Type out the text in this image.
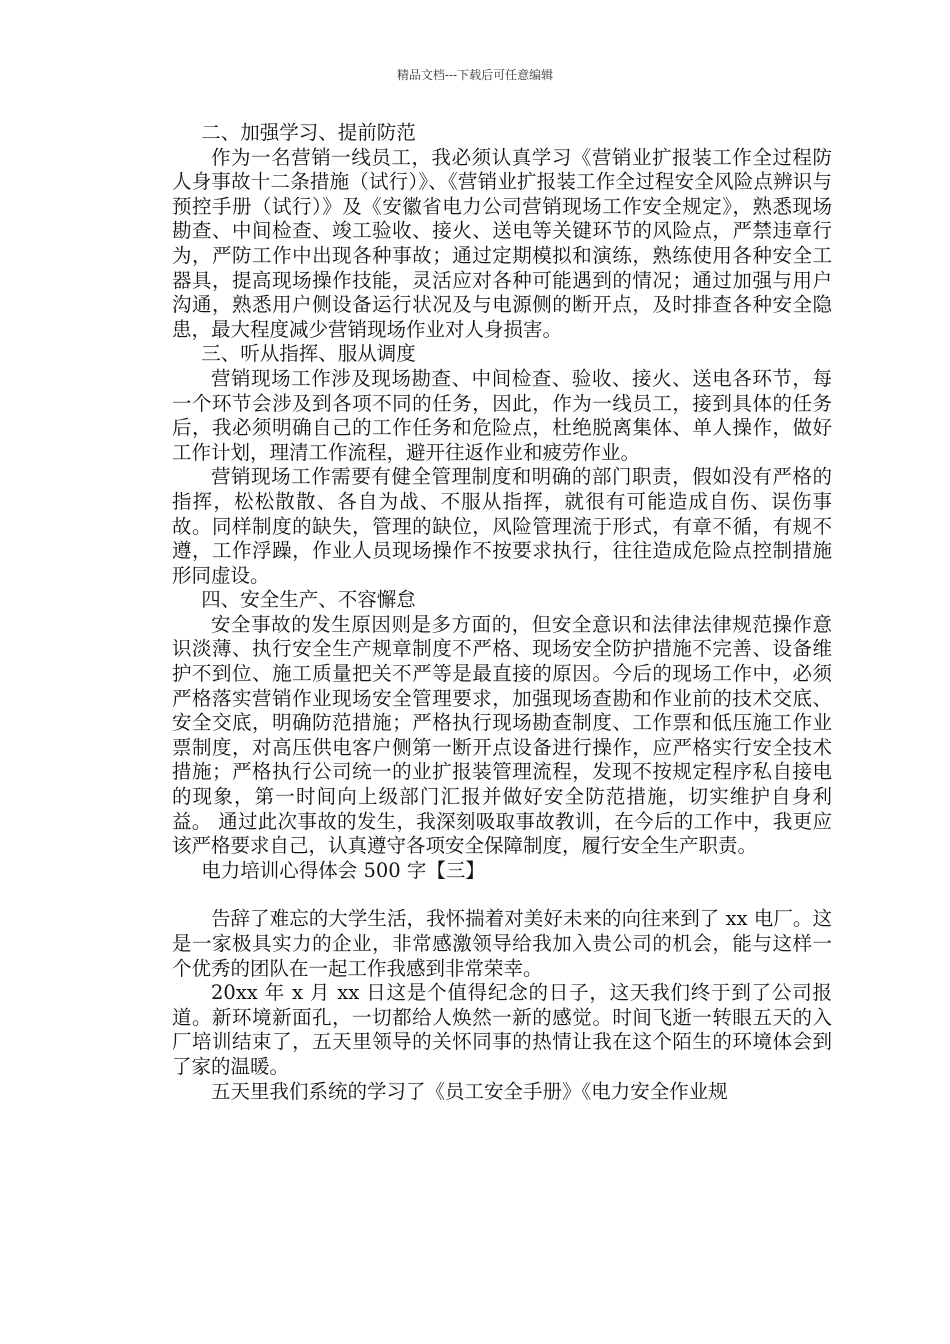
精品文档---下载后可任意编辑

二、加强学习、提前防范

作为一名营销一线员工，我必须认真学习《营销业扩报装工作全过程防人身事故十二条措施（试行）》、《营销业扩报装工作全过程安全风险点辨识与预控手册（试行）》及《安徽省电力公司营销现场工作安全规定》，熟悉现场勘查、中间检查、竣工验收、接火、送电等关键环节的风险点，严禁违章行为，严防工作中出现各种事故；通过定期模拟和演练，熟练使用各种安全工器具，提高现场操作技能，灵活应对各种可能遇到的情况；通过加强与用户沟通，熟悉用户侧设备运行状况及与电源侧的断开点，及时排查各种安全隐患，最大程度减少营销现场作业对人身损害。

三、听从指挥、服从调度

营销现场工作涉及现场勘查、中间检查、验收、接火、送电各环节，每一个环节会涉及到各项不同的任务，因此，作为一线员工，接到具体的任务后，我必须明确自己的工作任务和危险点，杜绝脱离集体、单人操作，做好工作计划，理清工作流程，避开往返作业和疲劳作业。

营销现场工作需要有健全管理制度和明确的部门职责，假如没有严格的指挥，松松散散、各自为战、不服从指挥，就很有可能造成自伤、误伤事故。同样制度的缺失，管理的缺位，风险管理流于形式，有章不循，有规不遵，工作浮躁，作业人员现场操作不按要求执行，往往造成危险点控制措施形同虚设。

四、安全生产、不容懈怠

安全事故的发生原因则是多方面的，但安全意识和法律法律规范操作意识淡薄、执行安全生产规章制度不严格、现场安全防护措施不完善、设备维护不到位、施工质量把关不严等是最直接的原因。今后的现场工作中，必须严格落实营销作业现场安全管理要求，加强现场查勘和作业前的技术交底、安全交底，明确防范措施；严格执行现场勘查制度、工作票和低压施工作业票制度，对高压供电客户侧第一断开点设备进行操作，应严格实行安全技术措施；严格执行公司统一的业扩报装管理流程，发现不按规定程序私自接电的现象，第一时间向上级部门汇报并做好安全防范措施，切实维护自身利益。 通过此次事故的发生，我深刻吸取事故教训，在今后的工作中，我更应该严格要求自己，认真遵守各项安全保障制度，履行安全生产职责。

电力培训心得体会 500 字【三】

告辞了难忘的大学生活，我怀揣着对美好未来的向往来到了 xx 电厂。这是一家极具实力的企业，非常感激领导给我加入贵公司的机会，能与这样一个优秀的团队在一起工作我感到非常荣幸。

20xx 年 x 月 xx 日这是个值得纪念的日子，这天我们终于到了公司报道。新环境新面孔，一切都给人焕然一新的感觉。时间飞逝一转眼五天的入厂培训结束了，五天里领导的关怀同事的热情让我在这个陌生的环境体会到了家的温暖。

五天里我们系统的学习了《员工安全手册》《电力安全作业规
